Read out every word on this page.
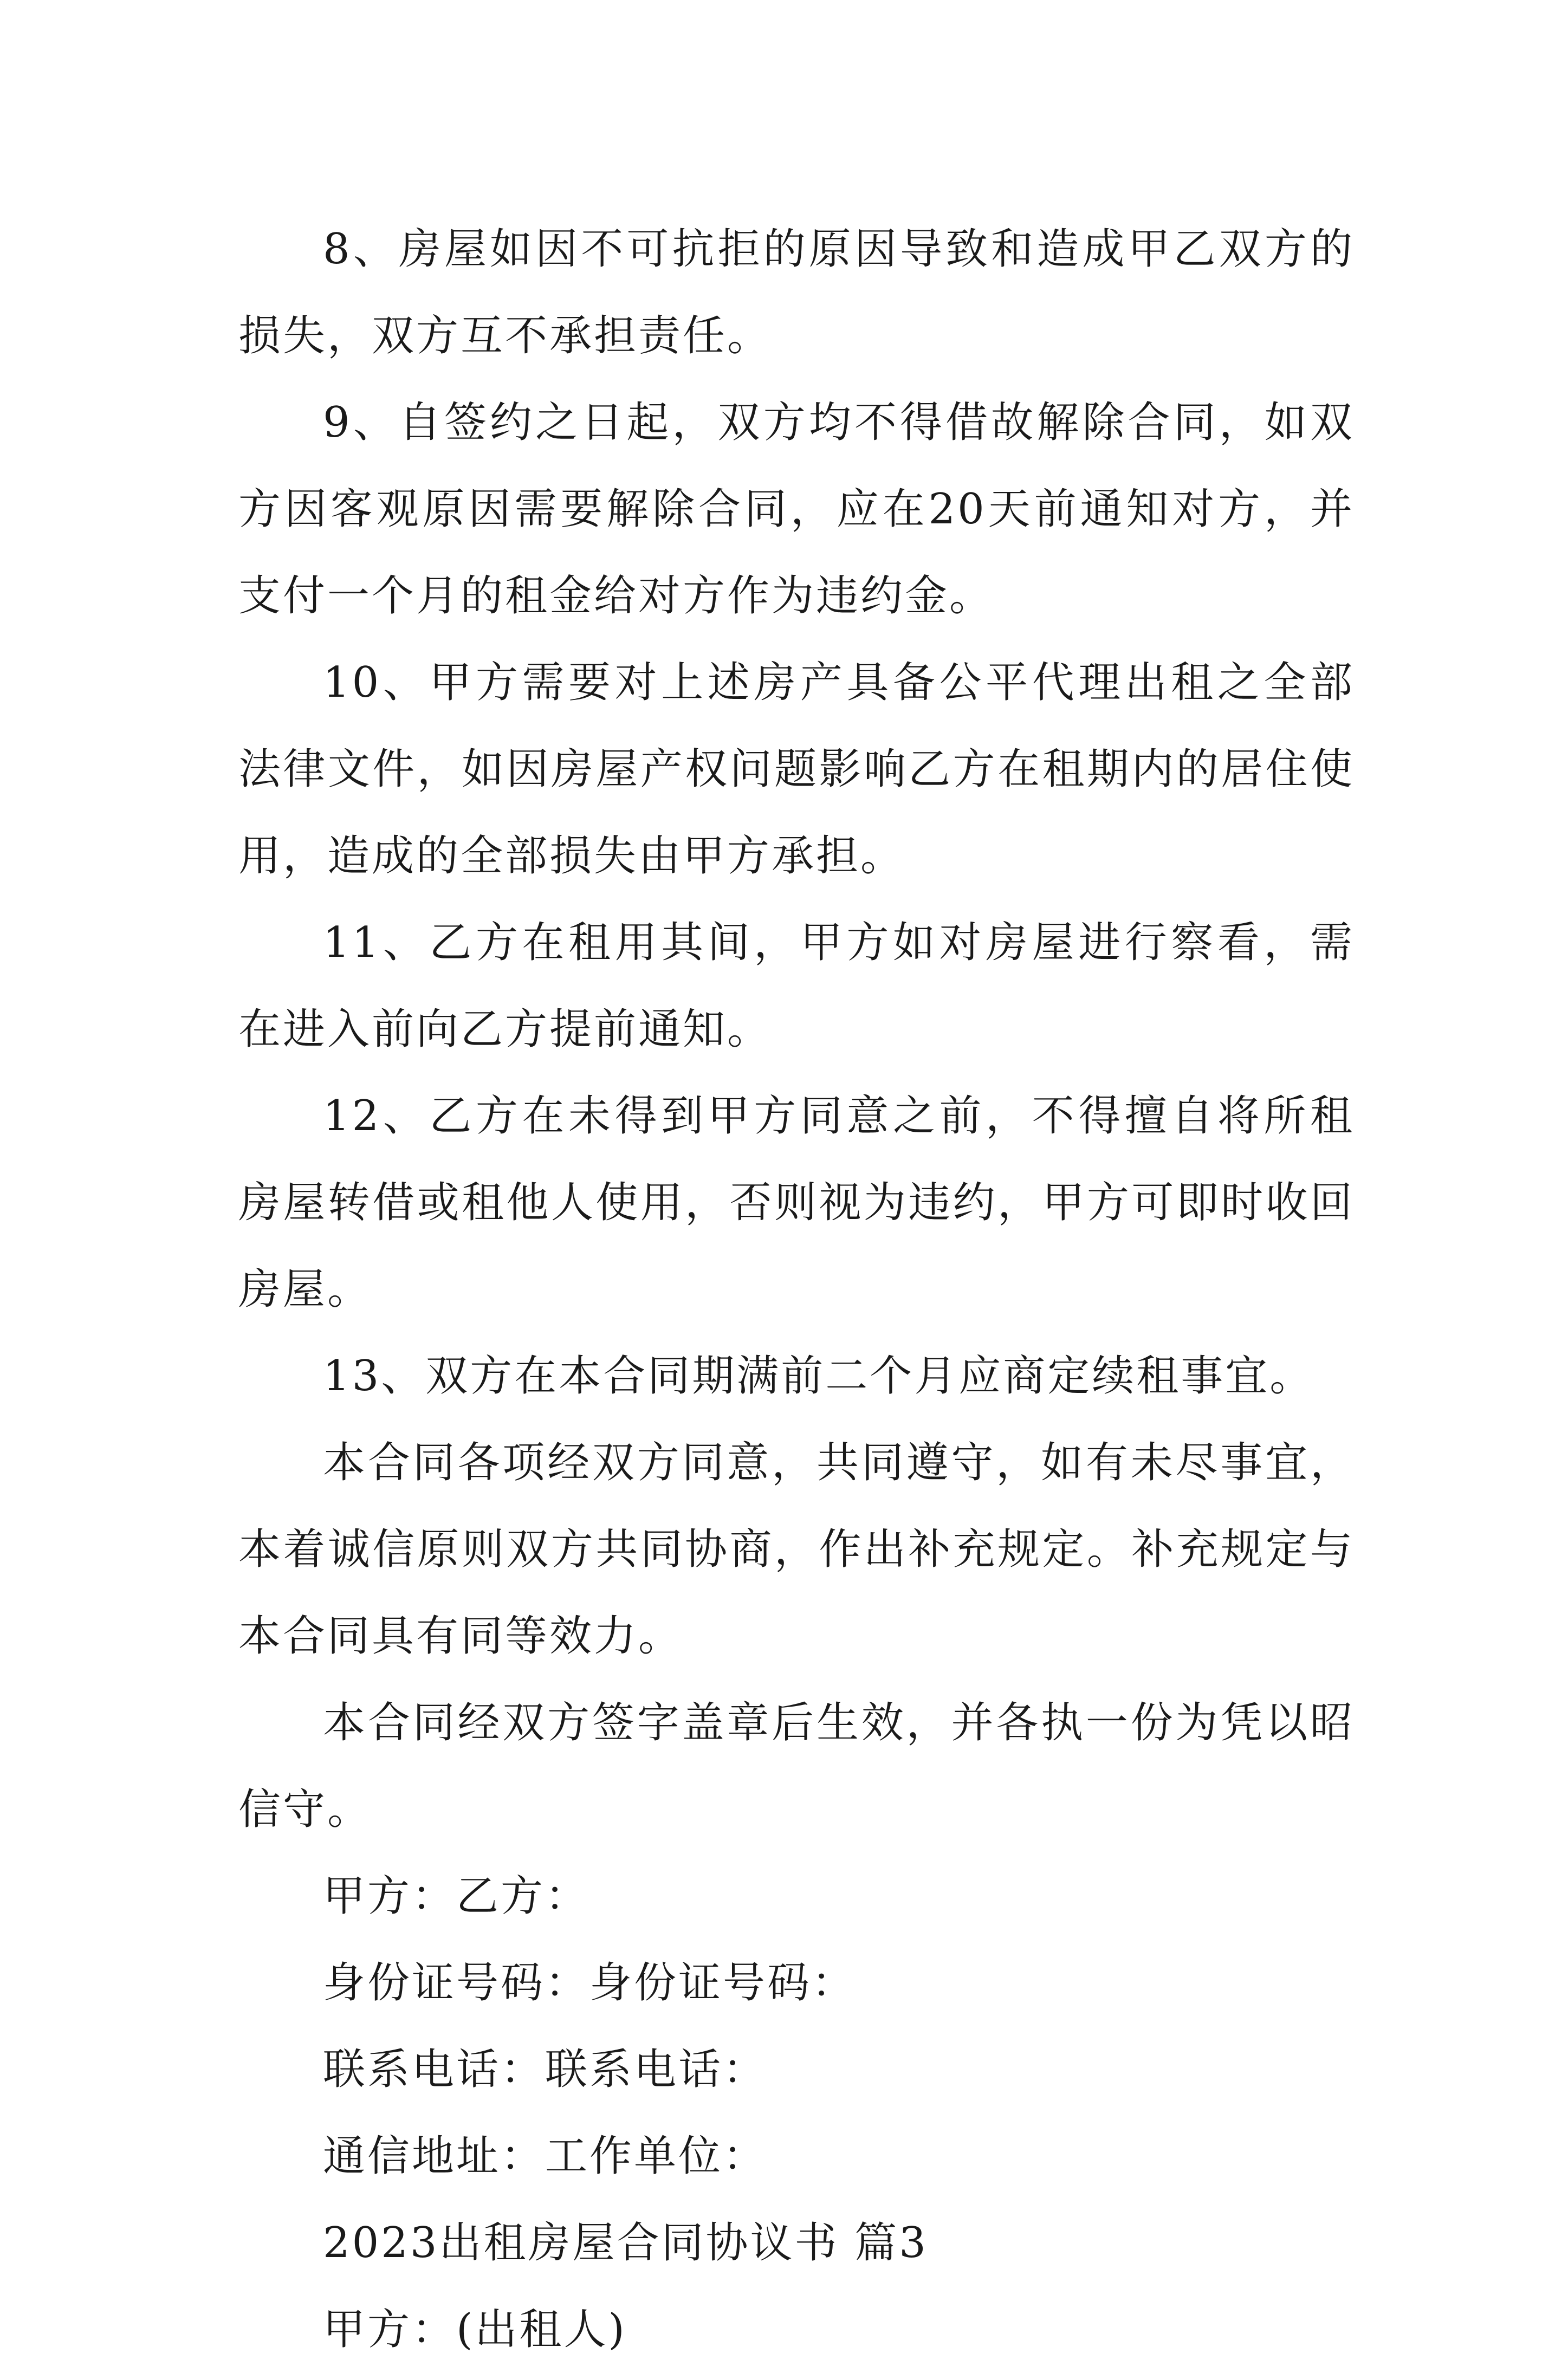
8、房屋如因不可抗拒的原因导致和造成甲乙双方的损失，双方互不承担责任。

9、自签约之日起，双方均不得借故解除合同，如双方因客观原因需要解除合同，应在20天前通知对方，并支付一个月的租金给对方作为违约金。

10、甲方需要对上述房产具备公平代理出租之全部法律文件，如因房屋产权问题影响乙方在租期内的居住使用，造成的全部损失由甲方承担。

11、乙方在租用其间，甲方如对房屋进行察看，需在进入前向乙方提前通知。

12、乙方在未得到甲方同意之前，不得擅自将所租房屋转借或租他人使用，否则视为违约，甲方可即时收回房屋。

13、双方在本合同期满前二个月应商定续租事宜。

本合同各项经双方同意，共同遵守，如有未尽事宜，本着诚信原则双方共同协商，作出补充规定。补充规定与本合同具有同等效力。

本合同经双方签字盖章后生效，并各执一份为凭以昭信守。

甲方：乙方：

身份证号码：身份证号码：

联系电话：联系电话：

通信地址：工作单位：

2023出租房屋合同协议书 篇3

甲方：(出租人)
